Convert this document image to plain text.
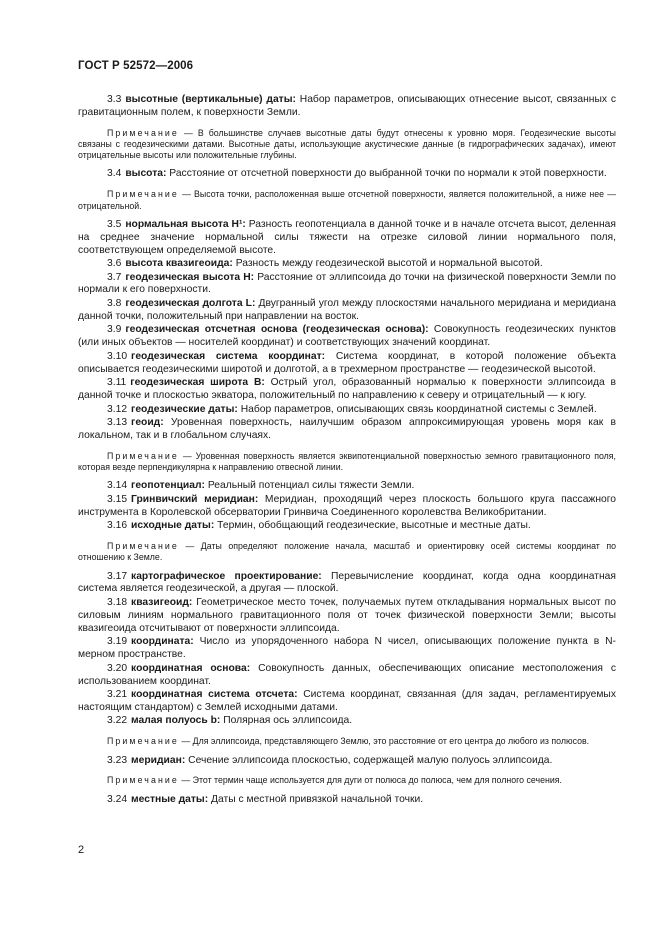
ГОСТ Р 52572—2006

3.3 высотные (вертикальные) даты: Набор параметров, описывающих отнесение высот, связанных с гравитационным полем, к поверхности Земли.

Примечание — В большинстве случаев высотные даты будут отнесены к уровню моря. Геодезические высоты связаны с геодезическими датами. Высотные даты, использующие акустические данные (в гидрографических задачах), имеют отрицательные высоты или положительные глубины.

3.4 высота: Расстояние от отсчетной поверхности до выбранной точки по нормали к этой поверхности.

Примечание — Высота точки, расположенная выше отсчетной поверхности, является положительной, а ниже нее — отрицательной.

3.5 нормальная высота H¹: Разность геопотенциала в данной точке и в начале отсчета высот, деленная на среднее значение нормальной силы тяжести на отрезке силовой линии нормального поля, соответствующем определяемой высоте.

3.6 высота квазигеоида: Разность между геодезической высотой и нормальной высотой.

3.7 геодезическая высота H: Расстояние от эллипсоида до точки на физической поверхности Земли по нормали к его поверхности.

3.8 геодезическая долгота L: Двугранный угол между плоскостями начального меридиана и меридиана данной точки, положительный при направлении на восток.

3.9 геодезическая отсчетная основа (геодезическая основа): Совокупность геодезических пунктов (или иных объектов — носителей координат) и соответствующих значений координат.

3.10 геодезическая система координат: Система координат, в которой положение объекта описывается геодезическими широтой и долготой, а в трехмерном пространстве — геодезической высотой.

3.11 геодезическая широта B: Острый угол, образованный нормалью к поверхности эллипсоида в данной точке и плоскостью экватора, положительный по направлению к северу и отрицательный — к югу.

3.12 геодезические даты: Набор параметров, описывающих связь координатной системы с Землей.

3.13 геоид: Уровенная поверхность, наилучшим образом аппроксимирующая уровень моря как в локальном, так и в глобальном случаях.

Примечание — Уровенная поверхность является эквипотенциальной поверхностью земного гравитационного поля, которая везде перпендикулярна к направлению отвесной линии.

3.14 геопотенциал: Реальный потенциал силы тяжести Земли.

3.15 Гринвичский меридиан: Меридиан, проходящий через плоскость большого круга пассажного инструмента в Королевской обсерватории Гринвича Соединенного королевства Великобритании.

3.16 исходные даты: Термин, обобщающий геодезические, высотные и местные даты.

Примечание — Даты определяют положение начала, масштаб и ориентировку осей системы координат по отношению к Земле.

3.17 картографическое проектирование: Перевычисление координат, когда одна координатная система является геодезической, а другая — плоской.

3.18 квазигеоид: Геометрическое место точек, получаемых путем откладывания нормальных высот по силовым линиям нормального гравитационного поля от точек физической поверхности Земли; высоты квазигеоида отсчитывают от поверхности эллипсоида.

3.19 координата: Число из упорядоченного набора N чисел, описывающих положение пункта в N-мерном пространстве.

3.20 координатная основа: Совокупность данных, обеспечивающих описание местоположения с использованием координат.

3.21 координатная система отсчета: Система координат, связанная (для задач, регламентируемых настоящим стандартом) с Землей исходными датами.

3.22 малая полуось b: Полярная ось эллипсоида.

Примечание — Для эллипсоида, представляющего Землю, это расстояние от его центра до любого из полюсов.

3.23 меридиан: Сечение эллипсоида плоскостью, содержащей малую полуось эллипсоида.

Примечание — Этот термин чаще используется для дуги от полюса до полюса, чем для полного сечения.

3.24 местные даты: Даты с местной привязкой начальной точки.

2
